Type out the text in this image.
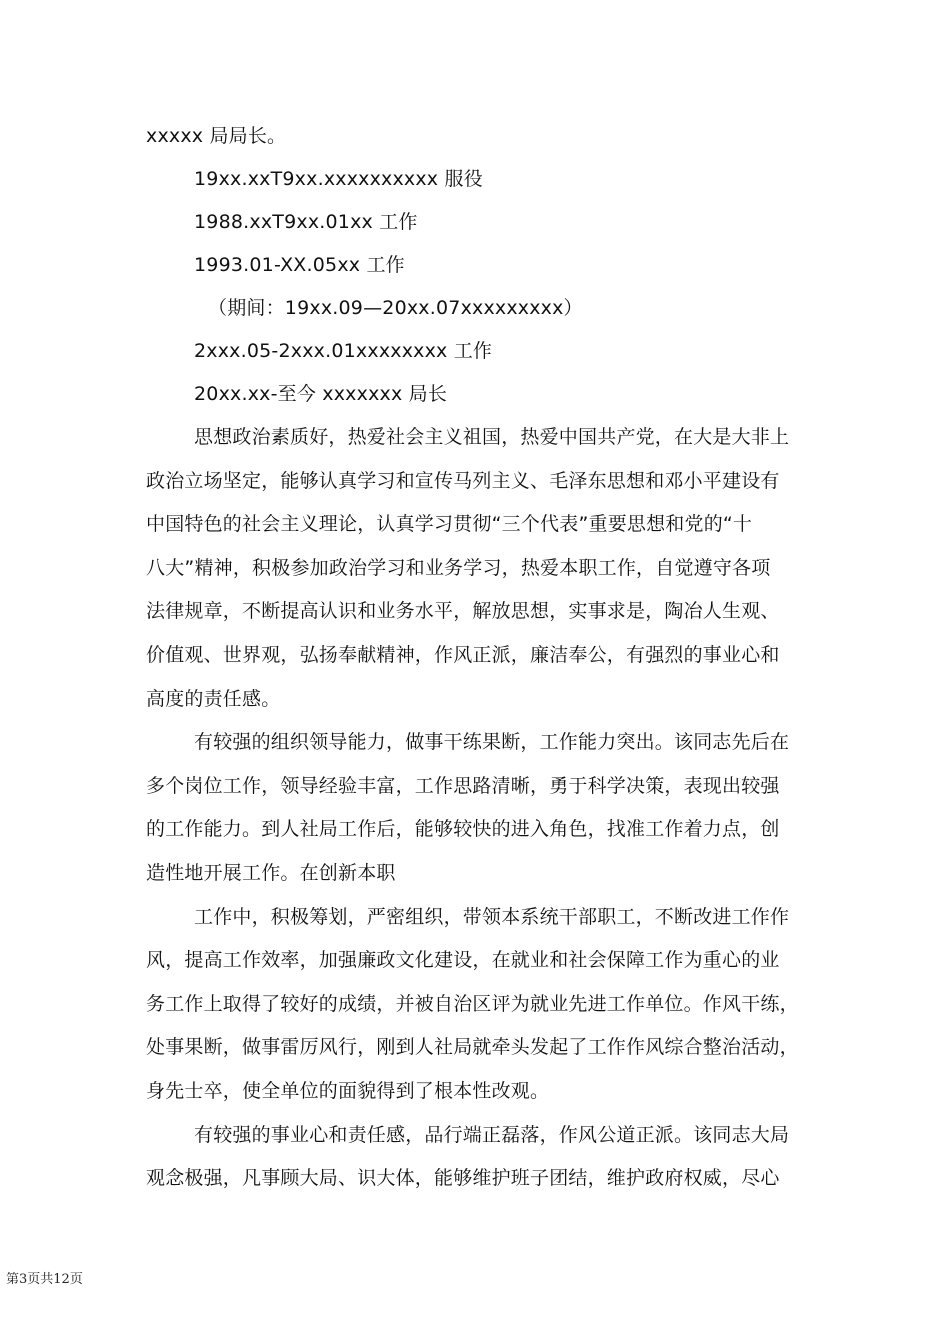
xxxxx 局局长。
19xx.xxT9xx.xxxxxxxxxx 服役
1988.xxT9xx.01xx 工作
1993.01-XX.05xx 工作
（期间：19xx.09—20xx.07xxxxxxxxx）
2xxx.05-2xxx.01xxxxxxxx 工作
20xx.xx-至今 xxxxxxx 局长
思想政治素质好，热爱社会主义祖国，热爱中国共产党，在大是大非上
政治立场坚定，能够认真学习和宣传马列主义、毛泽东思想和邓小平建设有
中国特色的社会主义理论，认真学习贯彻“三个代表”重要思想和党的“十
八大”精神，积极参加政治学习和业务学习，热爱本职工作，自觉遵守各项
法律规章，不断提高认识和业务水平，解放思想，实事求是，陶冶人生观、
价值观、世界观，弘扬奉献精神，作风正派，廉洁奉公，有强烈的事业心和
高度的责任感。
有较强的组织领导能力，做事干练果断，工作能力突出。该同志先后在
多个岗位工作，领导经验丰富，工作思路清晰，勇于科学决策，表现出较强
的工作能力。到人社局工作后，能够较快的进入角色，找准工作着力点，创
造性地开展工作。在创新本职
工作中，积极筹划，严密组织，带领本系统干部职工，不断改进工作作
风，提高工作效率，加强廉政文化建设，在就业和社会保障工作为重心的业
务工作上取得了较好的成绩，并被自治区评为就业先进工作单位。作风干练，
处事果断，做事雷厉风行，刚到人社局就牵头发起了工作作风综合整治活动，
身先士卒，使全单位的面貌得到了根本性改观。
有较强的事业心和责任感，品行端正磊落，作风公道正派。该同志大局
观念极强，凡事顾大局、识大体，能够维护班子团结，维护政府权威，尽心
第3页共12页
